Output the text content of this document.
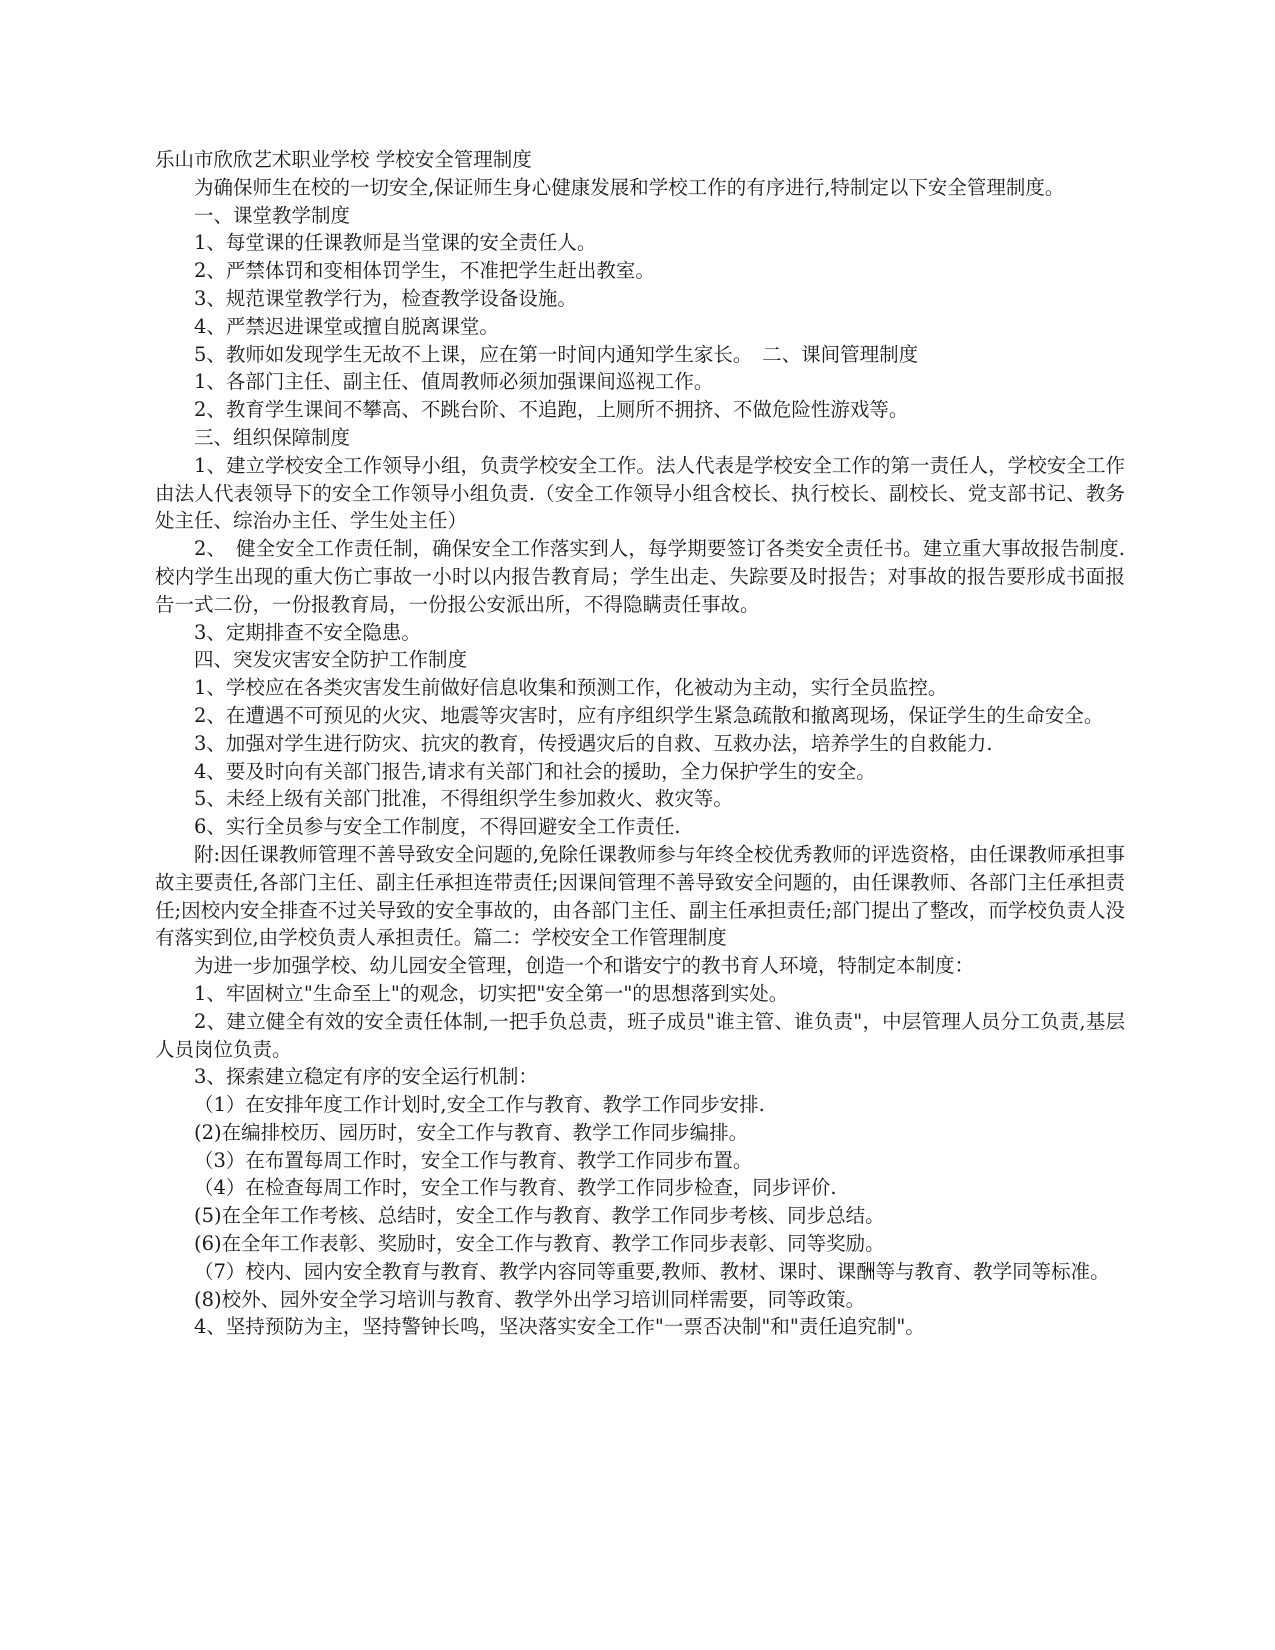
乐山市欣欣艺术职业学校 学校安全管理制度

为确保师生在校的一切安全,保证师生身心健康发展和学校工作的有序进行,特制定以下安全管理制度。

一、课堂教学制度

1、每堂课的任课教师是当堂课的安全责任人。

2、严禁体罚和变相体罚学生，不准把学生赶出教室。

3、规范课堂教学行为，检查教学设备设施。

4、严禁迟进课堂或擅自脱离课堂。

5、教师如发现学生无故不上课，应在第一时间内通知学生家长。　二、课间管理制度

1、各部门主任、副主任、值周教师必须加强课间巡视工作。

2、教育学生课间不攀高、不跳台阶、不追跑，上厕所不拥挤、不做危险性游戏等。

三、组织保障制度

1、建立学校安全工作领导小组，负责学校安全工作。法人代表是学校安全工作的第一责任人，学校安全工作由法人代表领导下的安全工作领导小组负责.（安全工作领导小组含校长、执行校长、副校长、党支部书记、教务处主任、综治办主任、学生处主任）

2、　健全安全工作责任制，确保安全工作落实到人，每学期要签订各类安全责任书。建立重大事故报告制度.校内学生出现的重大伤亡事故一小时以内报告教育局；学生出走、失踪要及时报告；对事故的报告要形成书面报告一式二份，一份报教育局，一份报公安派出所，不得隐瞒责任事故。

3、定期排查不安全隐患。

四、突发灾害安全防护工作制度

1、学校应在各类灾害发生前做好信息收集和预测工作，化被动为主动，实行全员监控。

2、在遭遇不可预见的火灾、地震等灾害时，应有序组织学生紧急疏散和撤离现场，保证学生的生命安全。

3、加强对学生进行防灾、抗灾的教育，传授遇灾后的自救、互救办法，培养学生的自救能力.

4、要及时向有关部门报告,请求有关部门和社会的援助，全力保护学生的安全。

5、未经上级有关部门批准，不得组织学生参加救火、救灾等。

6、实行全员参与安全工作制度，不得回避安全工作责任.

附:因任课教师管理不善导致安全问题的,免除任课教师参与年终全校优秀教师的评选资格，由任课教师承担事故主要责任,各部门主任、副主任承担连带责任;因课间管理不善导致安全问题的，由任课教师、各部门主任承担责任;因校内安全排查不过关导致的安全事故的，由各部门主任、副主任承担责任;部门提出了整改，而学校负责人没有落实到位,由学校负责人承担责任。篇二：学校安全工作管理制度

为进一步加强学校、幼儿园安全管理，创造一个和谐安宁的教书育人环境，特制定本制度：

1、牢固树立"生命至上"的观念，切实把"安全第一"的思想落到实处。

2、建立健全有效的安全责任体制,一把手负总责，班子成员"谁主管、谁负责"，中层管理人员分工负责,基层人员岗位负责。

3、探索建立稳定有序的安全运行机制：

（1）在安排年度工作计划时,安全工作与教育、教学工作同步安排.

(2)在编排校历、园历时，安全工作与教育、教学工作同步编排。

（3）在布置每周工作时，安全工作与教育、教学工作同步布置。

（4）在检查每周工作时，安全工作与教育、教学工作同步检查，同步评价.

(5)在全年工作考核、总结时，安全工作与教育、教学工作同步考核、同步总结。

(6)在全年工作表彰、奖励时，安全工作与教育、教学工作同步表彰、同等奖励。

（7）校内、园内安全教育与教育、教学内容同等重要,教师、教材、课时、课酬等与教育、教学同等标准。

(8)校外、园外安全学习培训与教育、教学外出学习培训同样需要，同等政策。

4、坚持预防为主，坚持警钟长鸣，坚决落实安全工作"一票否决制"和"责任追究制"。
